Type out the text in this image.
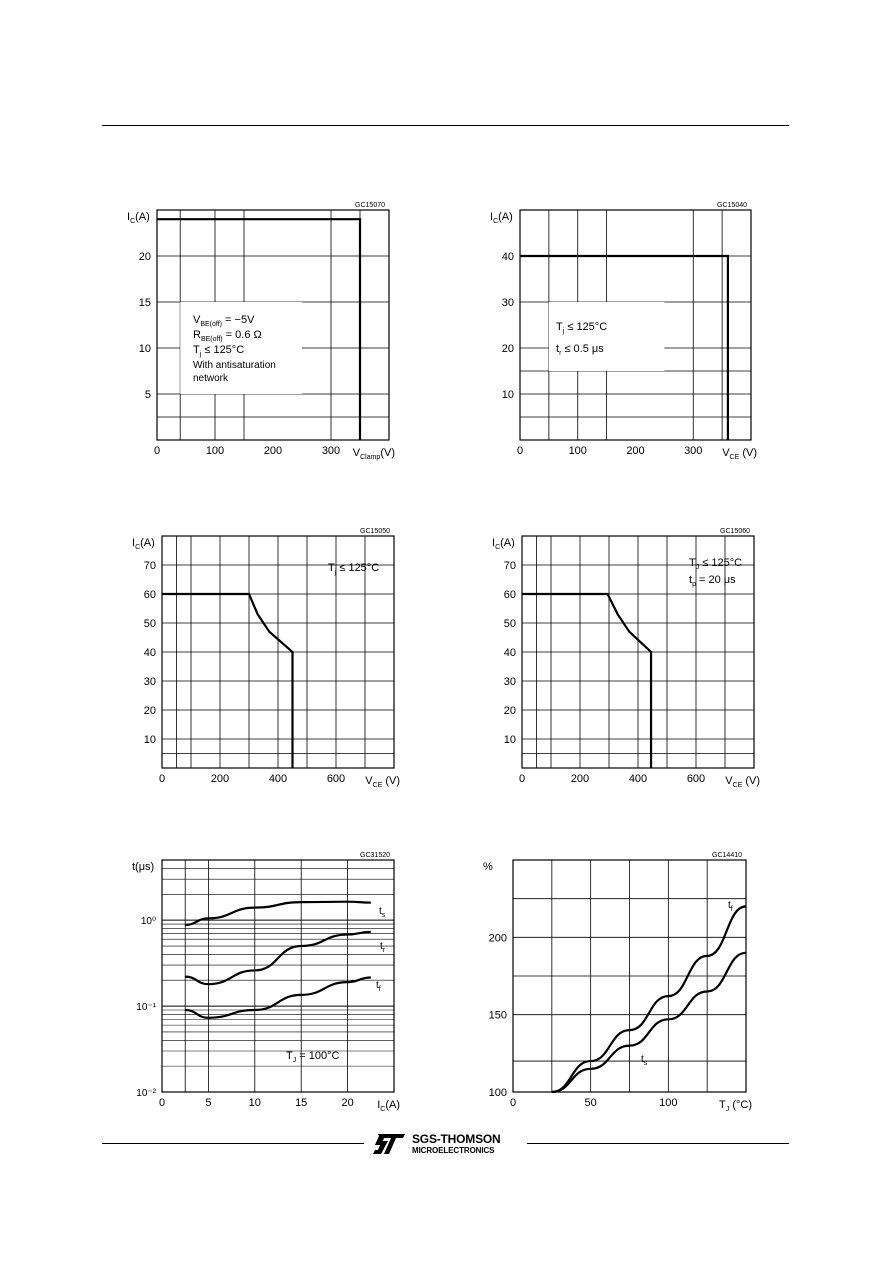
GC15070
5
10
15
20
0	100	200	300
$I_C(A)$
$V_{Clamp}(V)$
$V_{BE(off)} = -5V$
$R_{BE(off)} = 0.6$ Ω
$T_j \le 125^\circ C$
With antisaturation
network
GC15040
10
20
30
40
0	100	200	300
$I_C(A)$
$V_{CE}$ (V)
$T_j \le 125^\circ C$
$t_r \le 0.5$ μs
GC15050
10
20
30
40
50
60
70
0	200	400	600
$I_C(A)$
$V_{CE}$ (V)
$T_j \le 125^\circ C$
GC15060
10
20
30
40
50
60
70
0	200	400	600
$I_C(A)$
$V_{CE}$ (V)
$T_J \le 125^\circ C$
$t_p = 20$ μs
GC31520
10⁻²
10⁻¹
10⁰
0	5	10	15	20
t(μs)
$I_C(A)$
$T_J = 100^\circ C$
$t_s$
$t_r$
$t_f$
GC14410
100
150
200
0	50	100
%
$T_J$ (°C)
$t_f$
$t_s$
SGS-THOMSON
MICROELECTRONICS
